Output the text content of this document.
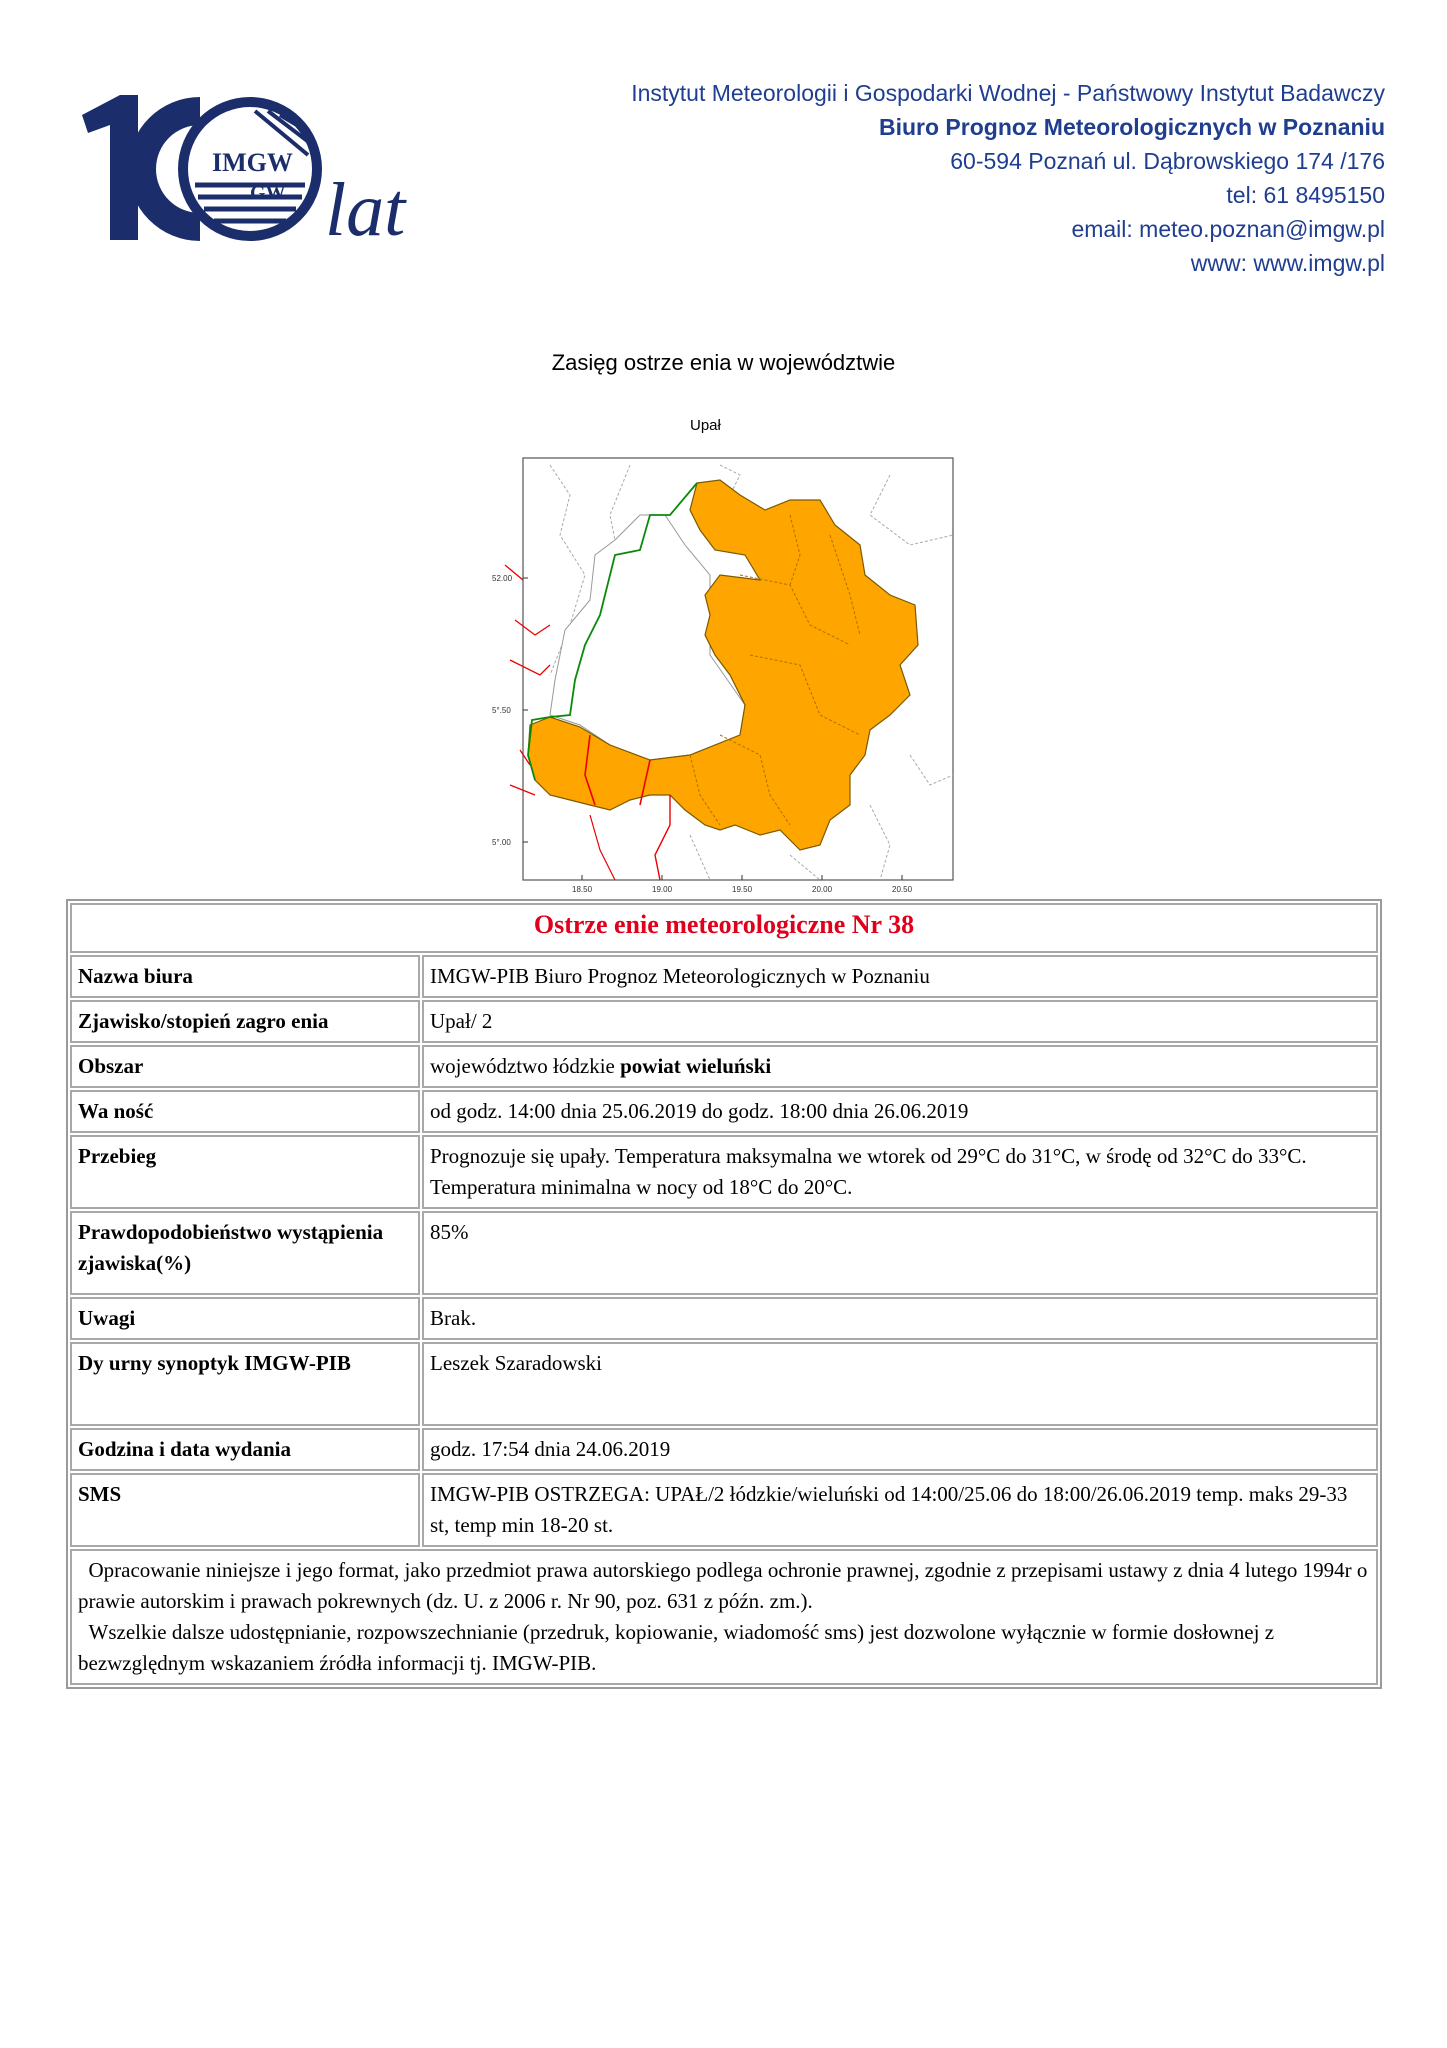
IMGW
GW lat
Instytut Meteorologii i Gospodarki Wodnej - Państwowy Instytut Badawczy
Biuro Prognoz Meteorologicznych w Poznaniu
60-594 Poznań ul. Dąbrowskiego 174 /176
tel: 61 8495150
email: meteo.poznan@imgw.pl
www: www.imgw.pl
Zasięg ostrze enia w województwie
Upał
52.00
5°.50
5°.00
18.50	19.00	19.50	20.00	20.50
Ostrze enie meteorologiczne Nr 38	
Nazwa biura	IMGW-PIB Biuro Prognoz Meteorologicznych w Poznaniu
Zjawisko/stopień zagro enia	Upał/ 2
Obszar	województwo łódzkie powiat wieluński
Wa ność	od godz. 14:00 dnia 25.06.2019 do godz. 18:00 dnia 26.06.2019
Przebieg	Prognozuje się upały. Temperatura maksymalna we wtorek od 29°C do 31°C, w środę od 32°C do 33°C. Temperatura minimalna w nocy od 18°C do 20°C.
Prawdopodobieństwo wystąpienia zjawiska(%)	85%
Uwagi	Brak.
Dy urny synoptyk IMGW-PIB	Leszek Szaradowski
Godzina i data wydania	godz. 17:54 dnia 24.06.2019
SMS	IMGW-PIB OSTRZEGA: UPAŁ/2 łódzkie/wieluński od 14:00/25.06 do 18:00/26.06.2019 temp. maks 29-33 st, temp min 18-20 st.

Opracowanie niniejsze i jego format, jako przedmiot prawa autorskiego podlega ochronie prawnej, zgodnie z przepisami ustawy z dnia 4 lutego 1994r o prawie autorskim i prawach pokrewnych (dz. U. z 2006 r. Nr 90, poz. 631 z późn. zm.).
Wszelkie dalsze udostępnianie, rozpowszechnianie (przedruk, kopiowanie, wiadomość sms) jest dozwolone wyłącznie w formie dosłownej z bezwzględnym wskazaniem źródła informacji tj. IMGW-PIB.	
